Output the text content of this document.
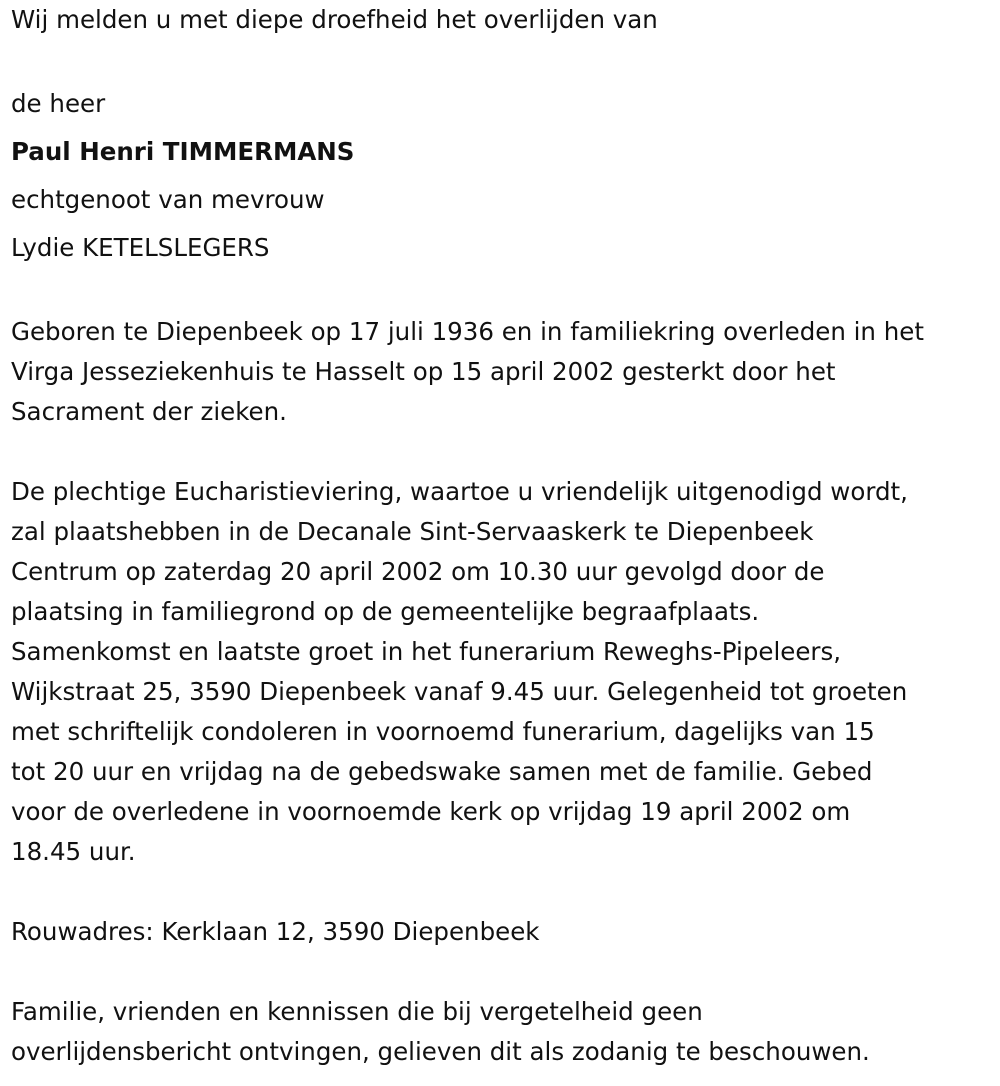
Wij melden u met diepe droefheid het overlijden van

de heer

Paul Henri TIMMERMANS

echtgenoot van mevrouw

Lydie KETELSLEGERS

Geboren te Diepenbeek op 17 juli 1936 en in familiekring overleden in het

Virga Jesseziekenhuis te Hasselt op 15 april 2002 gesterkt door het

Sacrament der zieken.

De plechtige Eucharistieviering, waartoe u vriendelijk uitgenodigd wordt,

zal plaatshebben in de Decanale Sint-Servaaskerk te Diepenbeek

Centrum op zaterdag 20 april 2002 om 10.30 uur gevolgd door de

plaatsing in familiegrond op de gemeentelijke begraafplaats.

Samenkomst en laatste groet in het funerarium Reweghs-Pipeleers,

Wijkstraat 25, 3590 Diepenbeek vanaf 9.45 uur. Gelegenheid tot groeten

met schriftelijk condoleren in voornoemd funerarium, dagelijks van 15

tot 20 uur en vrijdag na de gebedswake samen met de familie. Gebed

voor de overledene in voornoemde kerk op vrijdag 19 april 2002 om

18.45 uur.

Rouwadres: Kerklaan 12, 3590 Diepenbeek

Familie, vrienden en kennissen die bij vergetelheid geen

overlijdensbericht ontvingen, gelieven dit als zodanig te beschouwen.
